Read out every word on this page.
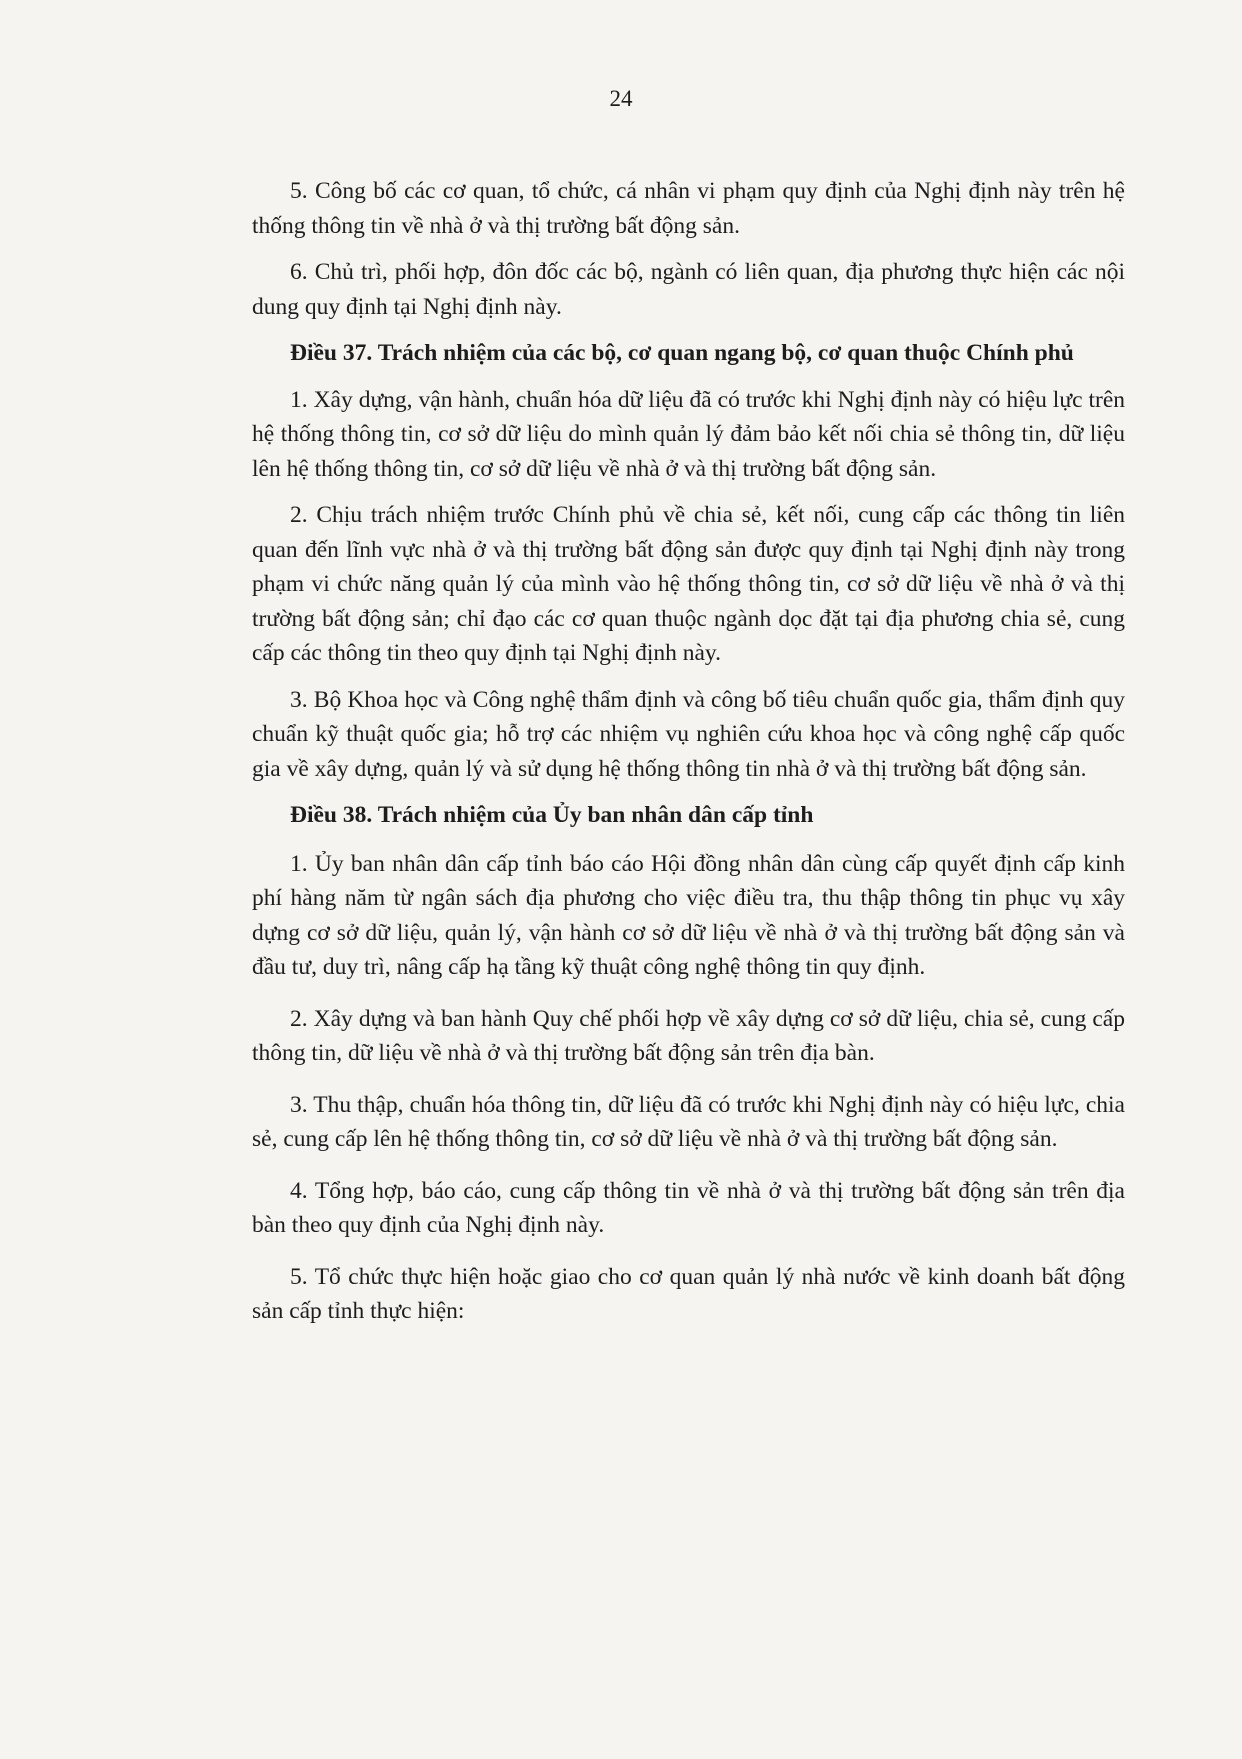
24

5. Công bố các cơ quan, tổ chức, cá nhân vi phạm quy định của Nghị định này trên hệ thống thông tin về nhà ở và thị trường bất động sản.

6. Chủ trì, phối hợp, đôn đốc các bộ, ngành có liên quan, địa phương thực hiện các nội dung quy định tại Nghị định này.

Điều 37. Trách nhiệm của các bộ, cơ quan ngang bộ, cơ quan thuộc Chính phủ

1. Xây dựng, vận hành, chuẩn hóa dữ liệu đã có trước khi Nghị định này có hiệu lực trên hệ thống thông tin, cơ sở dữ liệu do mình quản lý đảm bảo kết nối chia sẻ thông tin, dữ liệu lên hệ thống thông tin, cơ sở dữ liệu về nhà ở và thị trường bất động sản.

2. Chịu trách nhiệm trước Chính phủ về chia sẻ, kết nối, cung cấp các thông tin liên quan đến lĩnh vực nhà ở và thị trường bất động sản được quy định tại Nghị định này trong phạm vi chức năng quản lý của mình vào hệ thống thông tin, cơ sở dữ liệu về nhà ở và thị trường bất động sản; chỉ đạo các cơ quan thuộc ngành dọc đặt tại địa phương chia sẻ, cung cấp các thông tin theo quy định tại Nghị định này.

3. Bộ Khoa học và Công nghệ thẩm định và công bố tiêu chuẩn quốc gia, thẩm định quy chuẩn kỹ thuật quốc gia; hỗ trợ các nhiệm vụ nghiên cứu khoa học và công nghệ cấp quốc gia về xây dựng, quản lý và sử dụng hệ thống thông tin nhà ở và thị trường bất động sản.

Điều 38. Trách nhiệm của Ủy ban nhân dân cấp tỉnh

1. Ủy ban nhân dân cấp tỉnh báo cáo Hội đồng nhân dân cùng cấp quyết định cấp kinh phí hàng năm từ ngân sách địa phương cho việc điều tra, thu thập thông tin phục vụ xây dựng cơ sở dữ liệu, quản lý, vận hành cơ sở dữ liệu về nhà ở và thị trường bất động sản và đầu tư, duy trì, nâng cấp hạ tầng kỹ thuật công nghệ thông tin quy định.

2. Xây dựng và ban hành Quy chế phối hợp về xây dựng cơ sở dữ liệu, chia sẻ, cung cấp thông tin, dữ liệu về nhà ở và thị trường bất động sản trên địa bàn.

3. Thu thập, chuẩn hóa thông tin, dữ liệu đã có trước khi Nghị định này có hiệu lực, chia sẻ, cung cấp lên hệ thống thông tin, cơ sở dữ liệu về nhà ở và thị trường bất động sản.

4. Tổng hợp, báo cáo, cung cấp thông tin về nhà ở và thị trường bất động sản trên địa bàn theo quy định của Nghị định này.

5. Tổ chức thực hiện hoặc giao cho cơ quan quản lý nhà nước về kinh doanh bất động sản cấp tỉnh thực hiện:
